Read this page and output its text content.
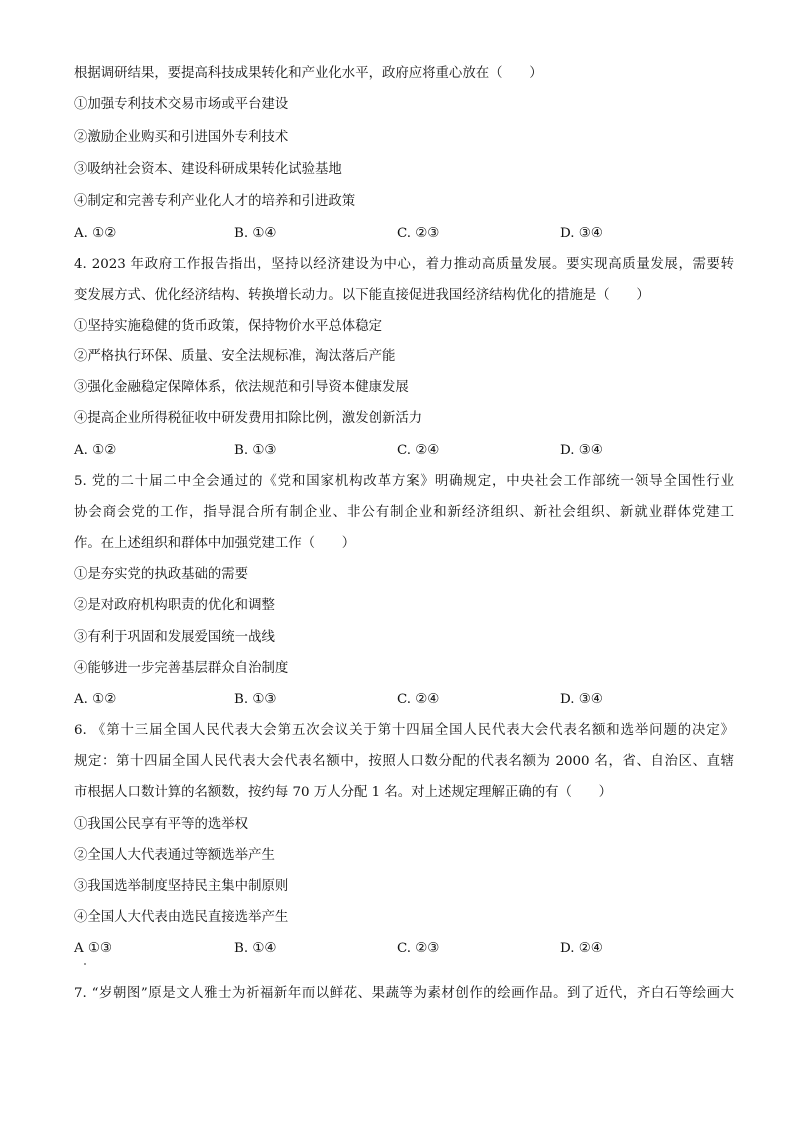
根据调研结果，要提高科技成果转化和产业化水平，政府应将重心放在（　　）
①加强专利技术交易市场或平台建设
②激励企业购买和引进国外专利技术
③吸纳社会资本、建设科研成果转化试验基地
④制定和完善专利产业化人才的培养和引进政策
A. ①②	B. ①④	C. ②③	D. ③④
4. 2023 年政府工作报告指出，坚持以经济建设为中心，着力推动高质量发展。要实现高质量发展，需要转
变发展方式、优化经济结构、转换增长动力。以下能直接促进我国经济结构优化的措施是（　　）
①坚持实施稳健的货币政策，保持物价水平总体稳定
②严格执行环保、质量、安全法规标准，淘汰落后产能
③强化金融稳定保障体系，依法规范和引导资本健康发展
④提高企业所得税征收中研发费用扣除比例，激发创新活力
A. ①②	B. ①③	C. ②④	D. ③④
5. 党的二十届二中全会通过的《党和国家机构改革方案》明确规定，中央社会工作部统一领导全国性行业
协会商会党的工作，指导混合所有制企业、非公有制企业和新经济组织、新社会组织、新就业群体党建工
作。在上述组织和群体中加强党建工作（　　）
①是夯实党的执政基础的需要
②是对政府机构职责的优化和调整
③有利于巩固和发展爱国统一战线
④能够进一步完善基层群众自治制度
A. ①②	B. ①③	C. ②④	D. ③④
6. 《第十三届全国人民代表大会第五次会议关于第十四届全国人民代表大会代表名额和选举问题的决定》
规定：第十四届全国人民代表大会代表名额中，按照人口数分配的代表名额为 2000 名，省、自治区、直辖
市根据人口数计算的名额数，按约每 70 万人分配 1 名。对上述规定理解正确的有（　　）
①我国公民享有平等的选举权
②全国人大代表通过等额选举产生
③我国选举制度坚持民主集中制原则
④全国人大代表由选民直接选举产生
A ①③	B. ①④	C. ②③	D. ②④
7. “岁朝图”原是文人雅士为祈福新年而以鲜花、果蔬等为素材创作的绘画作品。到了近代，齐白石等绘画大
